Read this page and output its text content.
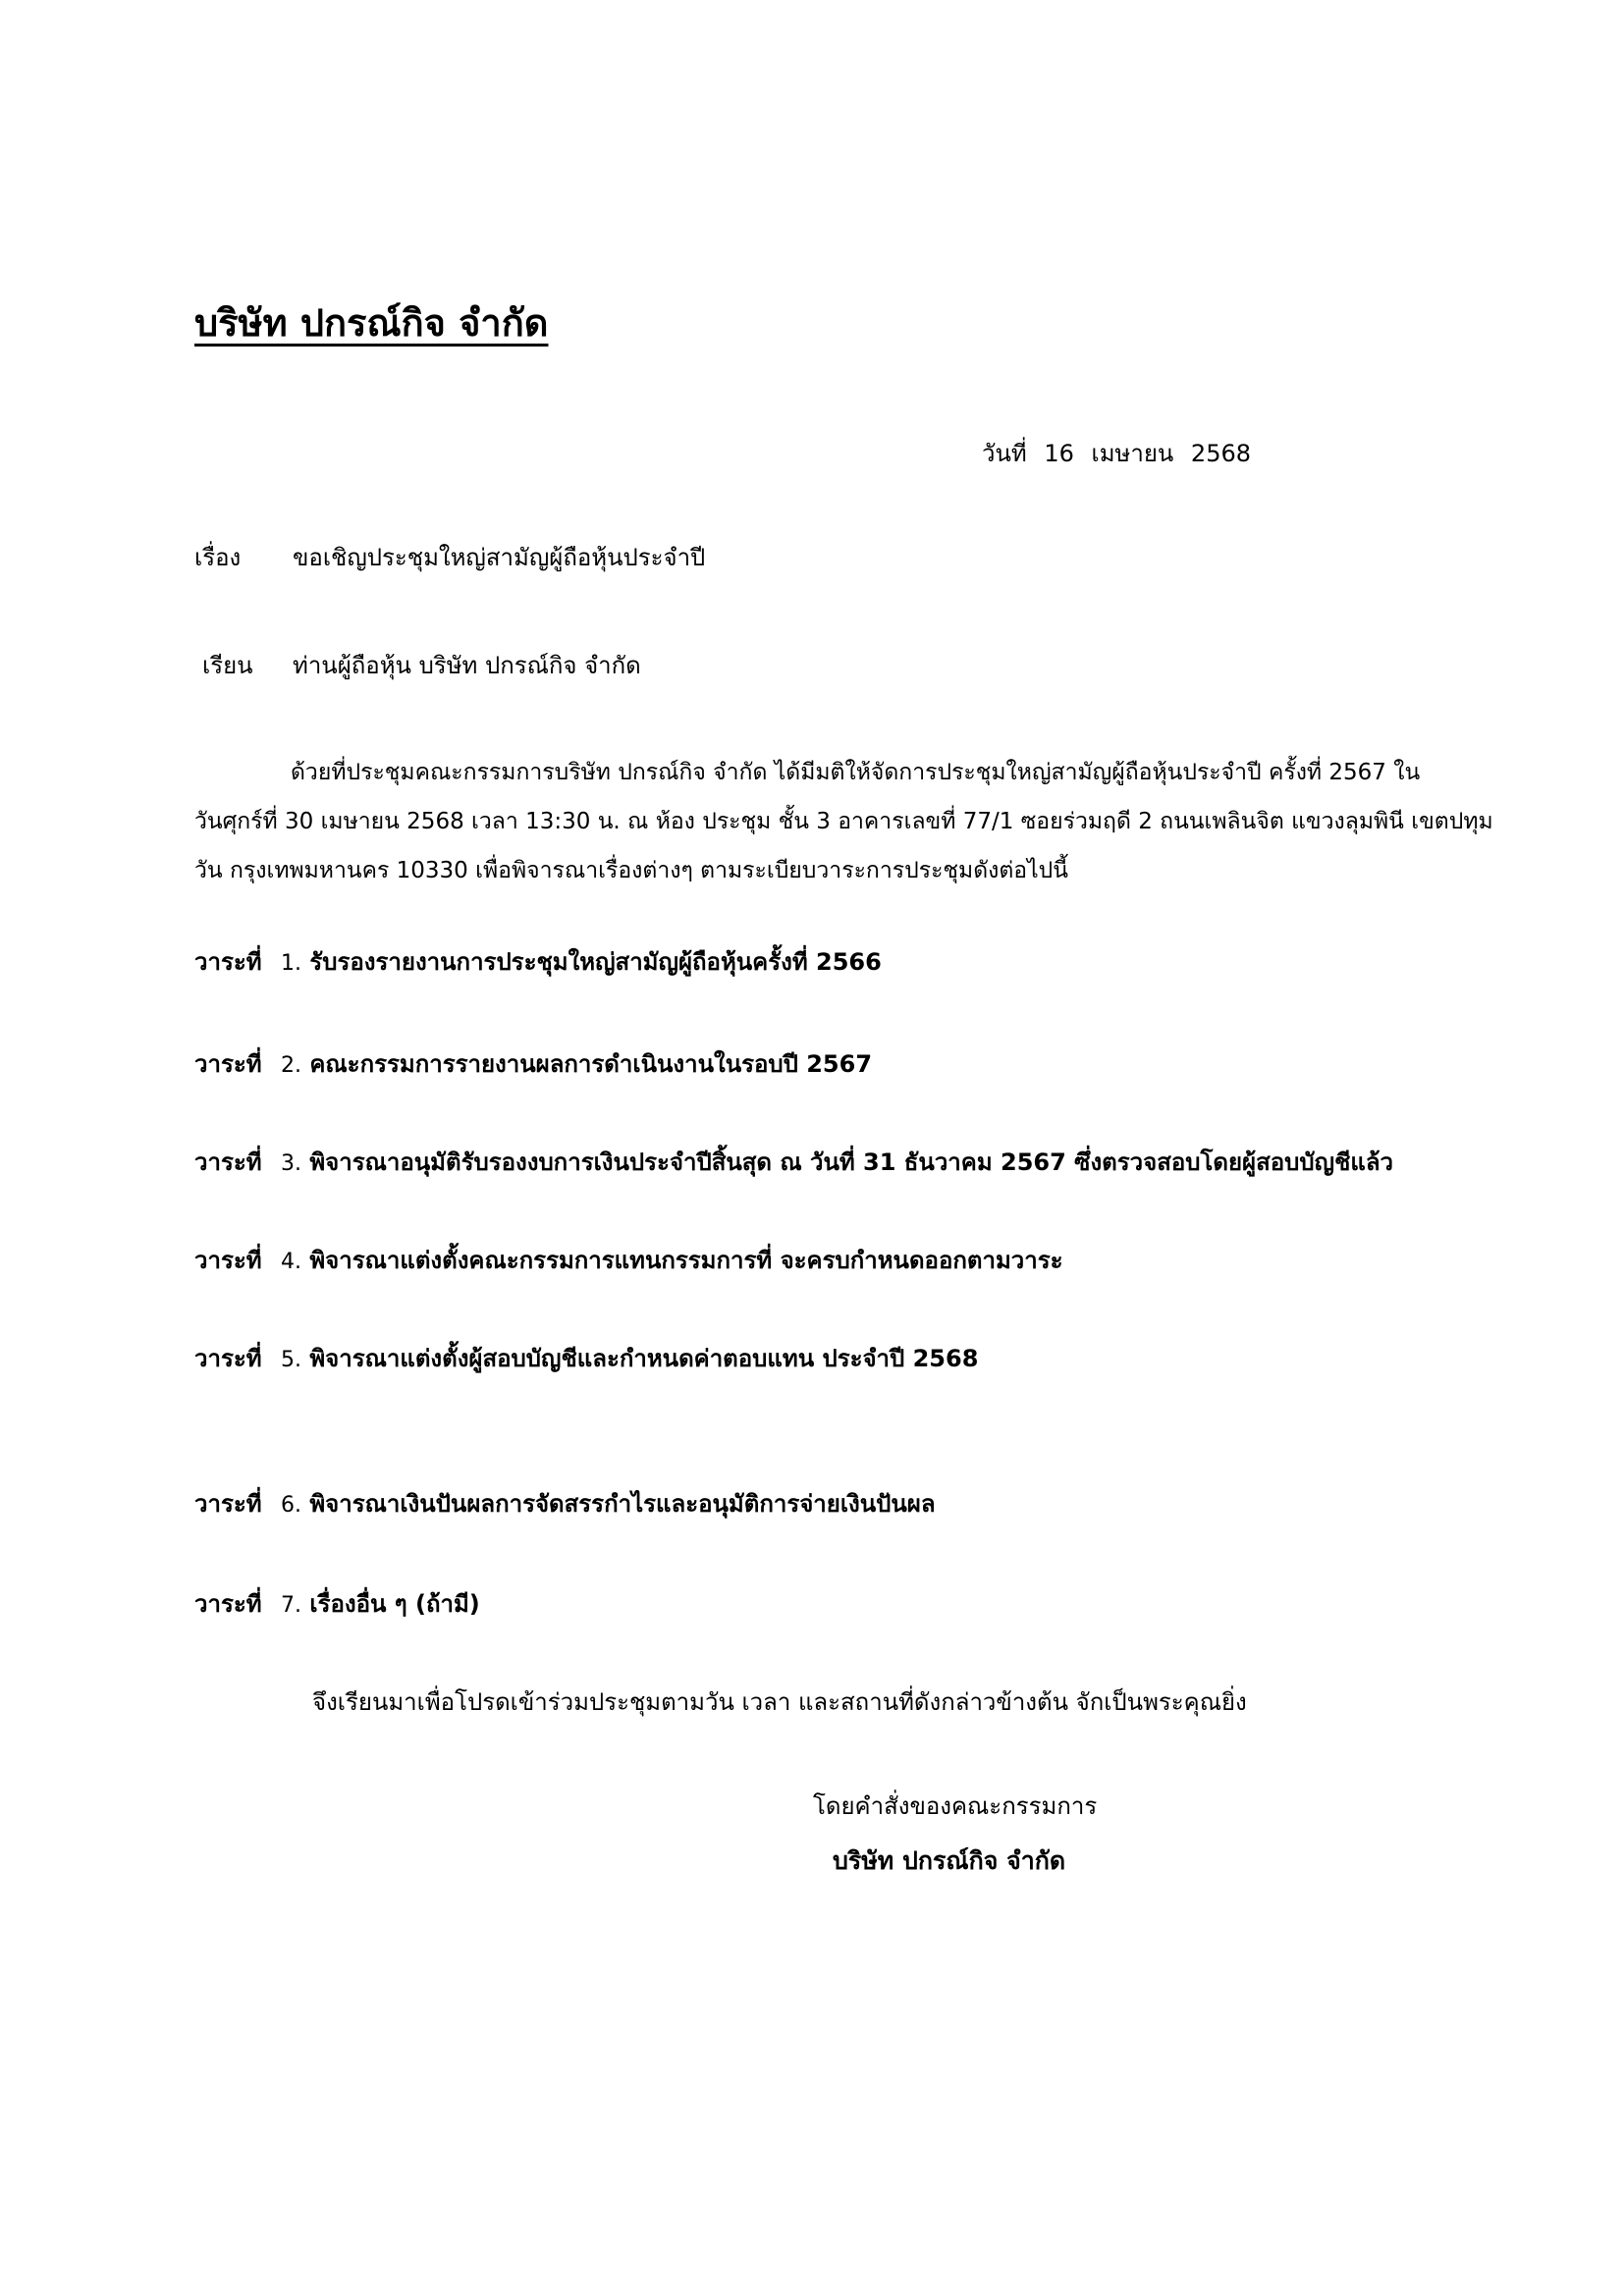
บริษัท ปกรณ์กิจ จำกัด
วันที่ 16 เมษายน 2568
เรื่อง ขอเชิญประชุมใหญ่สามัญผู้ถือหุ้นประจำปี
เรียน ท่านผู้ถือหุ้น บริษัท ปกรณ์กิจ จำกัด

ด้วยที่ประชุมคณะกรรมการบริษัท ปกรณ์กิจ จำกัด ได้มีมติให้จัดการประชุมใหญ่สามัญผู้ถือหุ้นประจำปี ครั้งที่ 2567 ใน

วันศุกร์ที่ 30 เมษายน 2568 เวลา 13:30 น. ณ ห้อง ประชุม ชั้น 3 อาคารเลขที่ 77/1 ซอยร่วมฤดี 2 ถนนเพลินจิต แขวงลุมพินี เขตปทุม

วัน กรุงเทพมหานคร 10330 เพื่อพิจารณาเรื่องต่างๆ ตามระเบียบวาระการประชุมดังต่อไปนี้

วาระที่ 1. รับรองรายงานการประชุมใหญ่สามัญผู้ถือหุ้นครั้งที่ 2566
วาระที่ 2. คณะกรรมการรายงานผลการดำเนินงานในรอบปี 2567
วาระที่ 3. พิจารณาอนุมัติรับรองงบการเงินประจำปีสิ้นสุด ณ วันที่ 31 ธันวาคม 2567 ซึ่งตรวจสอบโดยผู้สอบบัญชีแล้ว
วาระที่ 4. พิจารณาแต่งตั้งคณะกรรมการแทนกรรมการที่ จะครบกำหนดออกตามวาระ
วาระที่ 5. พิจารณาแต่งตั้งผู้สอบบัญชีและกำหนดค่าตอบแทน ประจำปี 2568
วาระที่ 6. พิจารณาเงินปันผลการจัดสรรกำไรและอนุมัติการจ่ายเงินปันผล
วาระที่ 7. เรื่องอื่น ๆ (ถ้ามี)
จึงเรียนมาเพื่อโปรดเข้าร่วมประชุมตามวัน เวลา และสถานที่ดังกล่าวข้างต้น จักเป็นพระคุณยิ่ง
โดยคำสั่งของคณะกรรมการ
บริษัท ปกรณ์กิจ จำกัด
